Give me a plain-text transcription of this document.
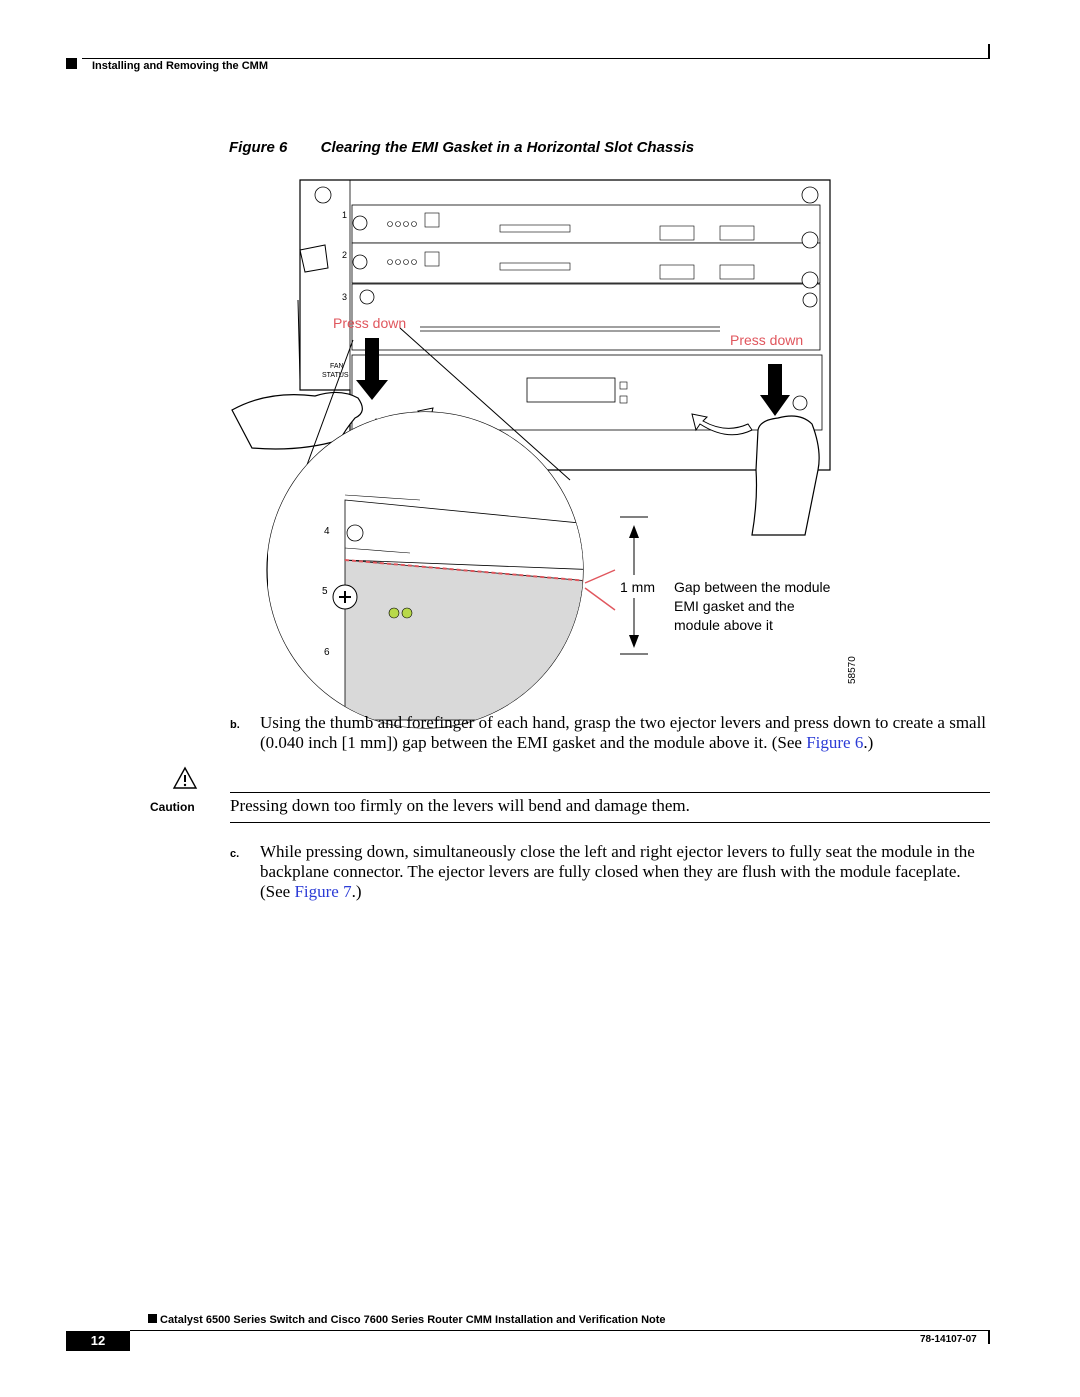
Installing and Removing the CMM
Figure 6        Clearing the EMI Gasket in a Horizontal Slot Chassis
1
2
3
FAN
STATUS
Press down
Press down
4
5
6
1 mm Gap between the module
EMI gasket and the
module above it
58570
b. Using the thumb and forefinger of each hand, grasp the two ejector levers and press down to create a small (0.040 inch [1 mm]) gap between the EMI gasket and the module above it. (See Figure 6.)
Caution Pressing down too firmly on the levers will bend and damage them.
c. While pressing down, simultaneously close the left and right ejector levers to fully seat the module in the backplane connector. The ejector levers are fully closed when they are flush with the module faceplate. (See Figure 7.)
Catalyst 6500 Series Switch and Cisco 7600 Series Router CMM Installation and Verification Note
12	78-14107-07
